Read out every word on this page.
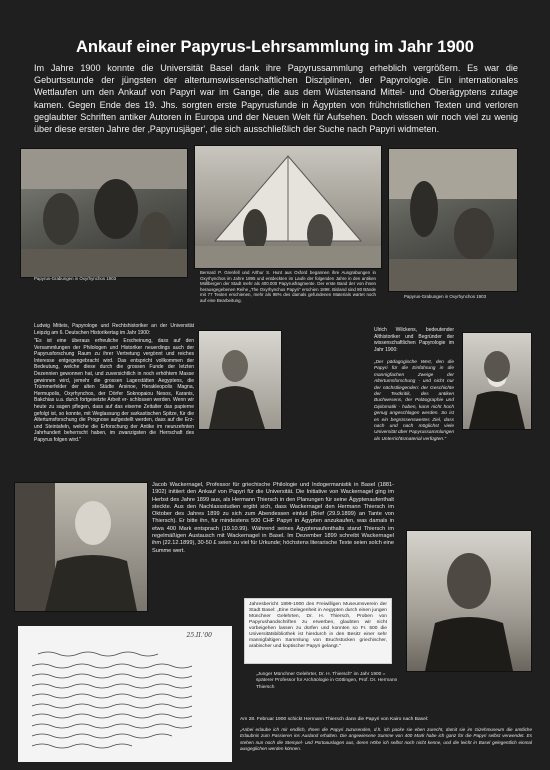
Ankauf einer Papyrus-Lehrsammlung im Jahr 1900
Im Jahre 1900 konnte die Universität Basel dank ihre Papyrussammlung erheblich vergrößern. Es war die Geburtsstunde der jüngsten der altertumswissenschaftlichen Disziplinen, der Papyrologie. Ein internationales Wettlaufen um den Ankauf von Papyri war im Gange, die aus dem Wüstensand Mittel- und Oberägyptens zutage kamen. Gegen Ende des 19. Jhs. sorgten erste Papyrusfunde in Ägypten von frühchristlichen Texten und verloren geglaubter Schriften antiker Autoren in Europa und der Neuen Welt für Aufsehen. Doch wissen wir noch viel zu wenig über diese ersten Jahre der ‚Papyrusjäger', die sich ausschließlich der Suche nach Papyri widmeten.
Papyrus-Grabungen in Oxyrhynchos 1903
Bernard P. Grenfell und Arthur S. Hunt aus Oxford begannen ihre Ausgrabungen in Oxyrhynchos im Jahre 1895 und entdeckten im Laufe der folgenden Jahre in den antiken Müllbergen der Stadt mehr als 400.000 Papyrusfragmente. Der erste Band der von ihnen herausgegebenen Reihe „The Oxyrhynchus Papyri" erschien 1898. Bisland sind 80 Bände mit 77 Texten erschienen, mehr als 98% des damals gefundenen Materials wartet noch auf eine Bearbeitung.
Papyrus-Grabungen in Oxyrhynchos 1903
Ludwig Mitteis, Papyrologe und Rechtshistoriker an der Universität Leipzig am 6. Deutschen Historikertag im Jahr 1900:
"Es ist eine überaus erfreuliche Erscheinung, dass auf den Versammlungen der Philologen und Historiker neuerdings auch der Papyrusforschung Raum zu ihrer Vertretung vergönnt und reiches Interesse entgegengebracht wird. Das entspricht vollkommen der Bedeutung, welche diese durch die grossen Funde der letzten Dezennien gewonnen hat, und zuversichtlich in noch erhöhtem Masse gewinnen wird, jemehr die grossen Lagerstätten Aegyptens, die Trümmerfelder der alten Städte Arsinoe, Herakleopolis Magna, Hermupolis, Oxyrhynchos, der Dörfer Soknopaiou Nesos, Karanis, Bakchias u.a. durch fortgesetzte Arbeit er- schlossen werden. Wenn wir heute zu sagen pflegen, dass auf das eiserne Zeitalter das papierne gefolgt ist, so konnte, mit Weglassung der sarkastischen Spitze, für die Altertumsforschung die Prognose aufgestellt werden, dass auf die Erz- und Steintafeln, welche die Erforschung der Antike im neunzehnten Jahrhundert beherrscht haben, im zwanzigsten die Herrschaft des Papyrus folgen wird."
Ulrich Wilckens, bedeutender Althistoriker und Begründer der wissenschaftlichen Papyrologie im Jahr 1900:
„Der pädagogische Wert, den die Papyri für die Einführung in die mannigfachen Zweige der Altertumsforschung - und nicht nur der nächstliegenden: der Geschichte der Textkritik, des antiken Buchwesens, der Paläographie und Diplomatik - haben, kann nicht hoch genug angeschlagen werden. So ist es ein begrüssenswertes Ziel, dass nach und nach möglichst viele Universität über Papyrussammlungen als Unterrichtsmaterial verfügten."
Jacob Wackernagel, Professor für griechische Philologie und Indogermanistik in Basel (1881-1902) initiiert den Ankauf von Papyri für die Universität. Die Initiative von Wackernagel ging im Herbst des Jahre 1899 aus, als Hermann Thiersch in den Planungen für seine Ägyptenaufenthalt steckte. Aus den Nachlassstudien ergibt sich, dass Wackernagel den Hermann Thiersch im Oktober des Jahres 1899 zu sich zum Abendessen einlud (Brief (29.9.1899) an Tante von Thiersch). Er bitte ihn, für mindestens 500 CHF Papyri in Ägypten anzukaufen, was damals in etwa 400 Mark entsprach (19.10.99). Während seines Ägyptenaufenthalts stand Thiersch im regelmäßigen Austausch mit Wackernagel in Basel. Im Dezember 1899 schreibt Wackernagel ihm (22.12.1899), 30-50 £ seien zu viel für Urkunde; höchstens literarische Texte seien solch eine Summe wert.
Jahresbericht 1899-1900 des Freiwilligen Museumsverein der Stadt Basel: „Eine Gelegenheit in Aegypten durch einen jungen Münchner Gelehrten, Dr. H. Thiersch, Proben von Papyrushandschriften zu erwerben, glaubten wir nicht vorbeigehen lassen zu dürfen und konnten so Fr. 500 die Universitätsbibliothek ist hierdurch in den Besitz einer sehr mannigfaltigen Sammlung von Bruchstücken griechischer, arabischer und koptischer Papyri gelangt."
„Junger Münchner Gelehrter, Dr. H. Thiersch" im Jahr 1900 = späterer Professor für Archäologie in Göttingen, Prof. Dr. Hermann Thiersch
25.II.'00
Am 28. Februar 1900 schickt Hermann Thiersch dann die Papyri von Kairo nach Basel:
„Anbei erlaube ich mir endlich, Ihnen die Papyri zuzusenden, d.h. ich packe sie eben zurecht, damit sie im Gizehmuseum die amtliche Erlaubnis zum Passieren ins Ausland erhalten. Die angewiesene Summe von 400 Mark habe ich ganz für die Papyri selbst verwendet. Es stehen nun noch die Stempel- und Portoauslagen aus, deren Höhe ich selbst noch nicht kenne, und die leicht in Basel gelegentlich einmal ausgeglichen werden können.
